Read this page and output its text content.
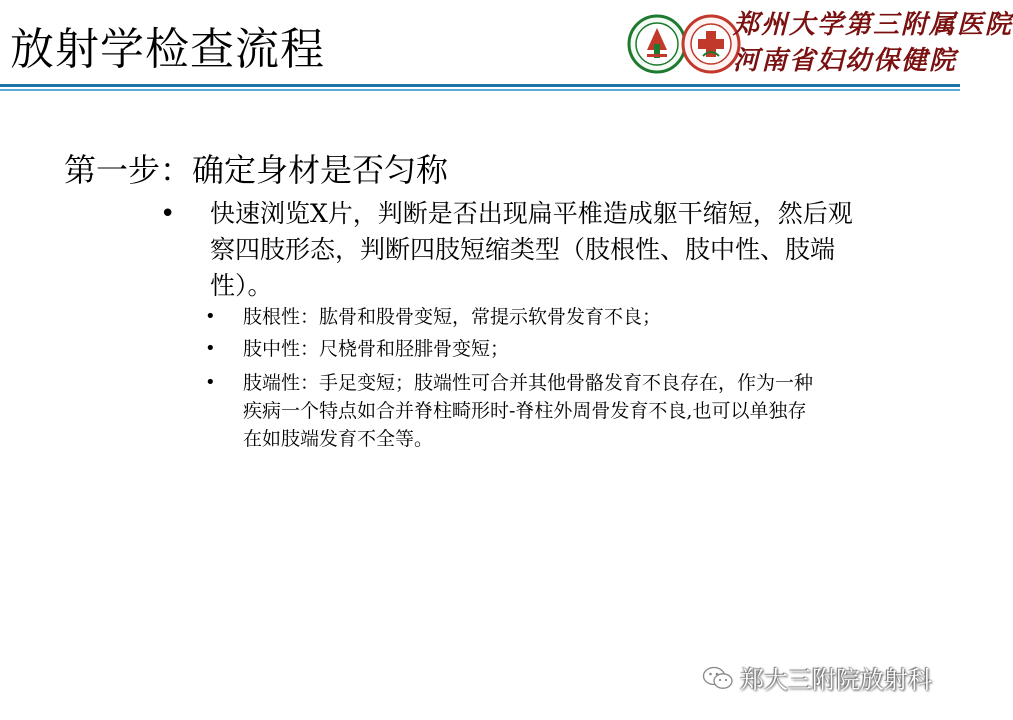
放射学检查流程	郑州大学第三附属医院
河南省妇幼保健院
第一步：确定身材是否匀称
• 快速浏览X片，判断是否出现扁平椎造成躯干缩短，然后观
察四肢形态，判断四肢短缩类型（肢根性、肢中性、肢端
性）。
• 肢根性：肱骨和股骨变短，常提示软骨发育不良；
• 肢中性：尺桡骨和胫腓骨变短；
• 肢端性：手足变短；肢端性可合并其他骨骼发育不良存在，作为一种
疾病一个特点如合并脊柱畸形时-脊柱外周骨发育不良,也可以单独存
在如肢端发育不全等。
郑大三附院放射科
